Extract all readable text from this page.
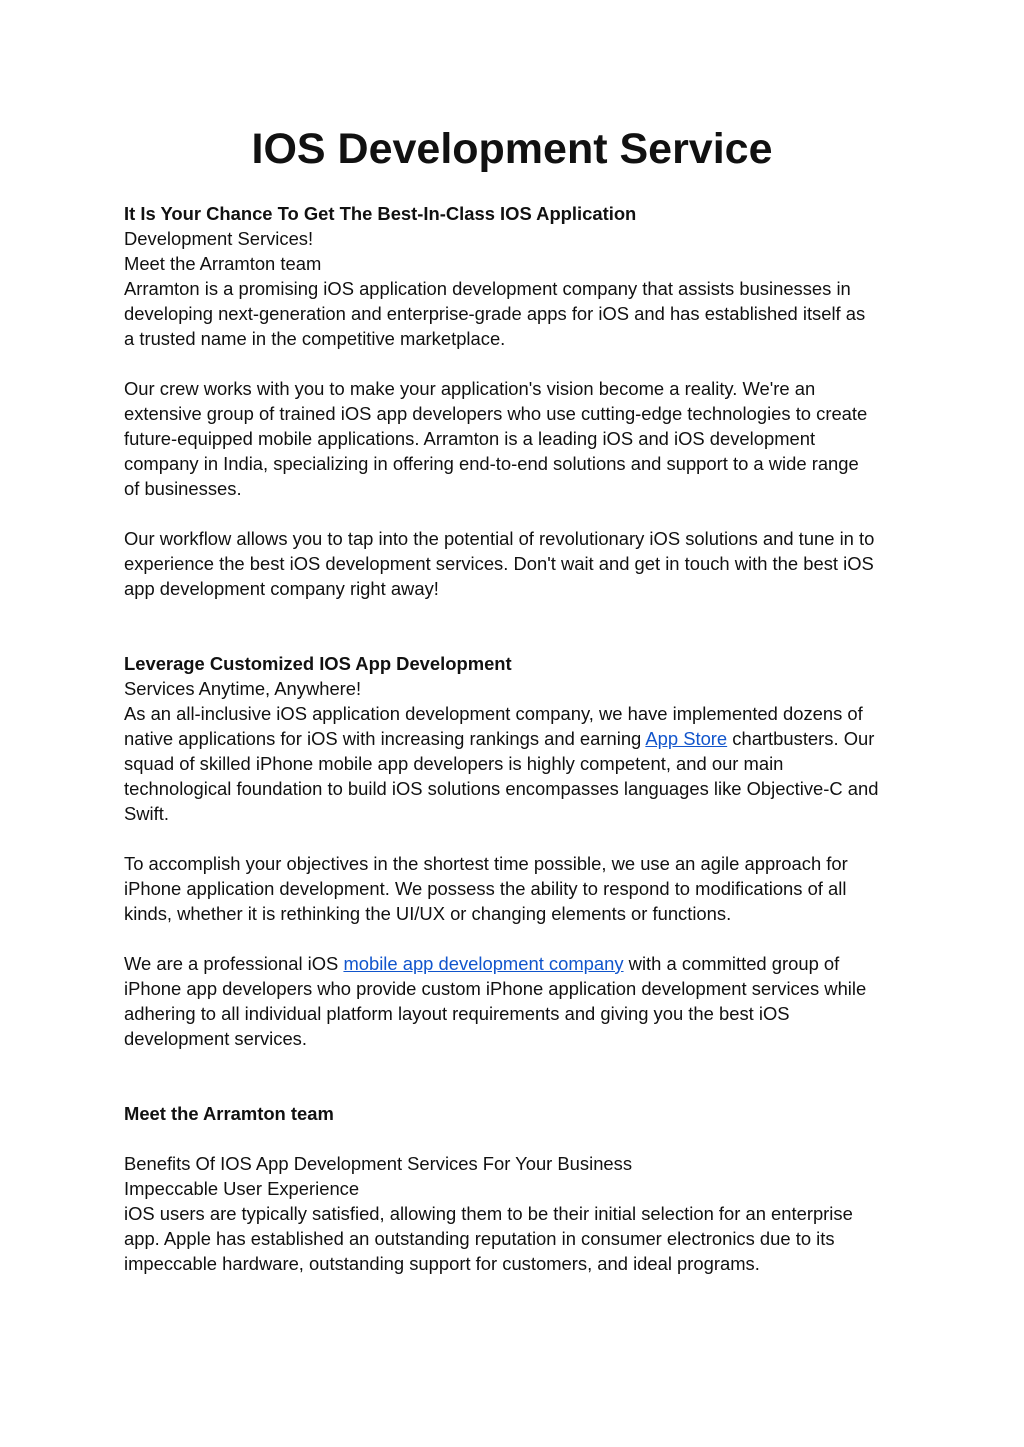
IOS Development Service

It Is Your Chance To Get The Best-In-Class IOS Application

Development Services!

Meet the Arramton team

Arramton is a promising iOS application development company that assists businesses in

developing next-generation and enterprise-grade apps for iOS and has established itself as

a trusted name in the competitive marketplace.

Our crew works with you to make your application's vision become a reality. We're an

extensive group of trained iOS app developers who use cutting-edge technologies to create

future-equipped mobile applications. Arramton is a leading iOS and iOS development

company in India, specializing in offering end-to-end solutions and support to a wide range

of businesses.

Our workflow allows you to tap into the potential of revolutionary iOS solutions and tune in to

experience the best iOS development services. Don't wait and get in touch with the best iOS

app development company right away!

Leverage Customized IOS App Development

Services Anytime, Anywhere!

As an all-inclusive iOS application development company, we have implemented dozens of

native applications for iOS with increasing rankings and earning App Store chartbusters. Our

squad of skilled iPhone mobile app developers is highly competent, and our main

technological foundation to build iOS solutions encompasses languages like Objective-C and

Swift.

To accomplish your objectives in the shortest time possible, we use an agile approach for

iPhone application development. We possess the ability to respond to modifications of all

kinds, whether it is rethinking the UI/UX or changing elements or functions.

We are a professional iOS mobile app development company with a committed group of

iPhone app developers who provide custom iPhone application development services while

adhering to all individual platform layout requirements and giving you the best iOS

development services.

Meet the Arramton team

Benefits Of IOS App Development Services For Your Business

Impeccable User Experience

iOS users are typically satisfied, allowing them to be their initial selection for an enterprise

app. Apple has established an outstanding reputation in consumer electronics due to its

impeccable hardware, outstanding support for customers, and ideal programs.
